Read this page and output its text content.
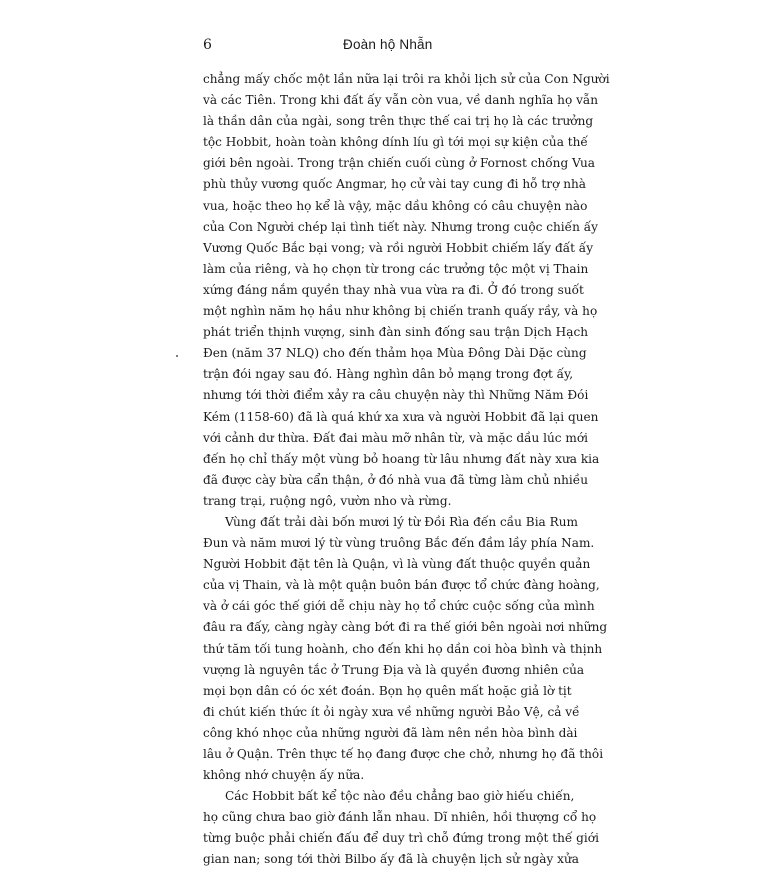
6	Đoàn hộ Nhẫn
chẳng mấy chốc một lần nữa lại trôi ra khỏi lịch sử của Con Người
và các Tiên. Trong khi đất ấy vẫn còn vua, về danh nghĩa họ vẫn
là thần dân của ngài, song trên thực thế cai trị họ là các trưởng
tộc Hobbit, hoàn toàn không dính líu gì tới mọi sự kiện của thế
giới bên ngoài. Trong trận chiến cuối cùng ở Fornost chống Vua
phù thủy vương quốc Angmar, họ cử vài tay cung đi hỗ trợ nhà
vua, hoặc theo họ kể là vậy, mặc dầu không có câu chuyện nào
của Con Người chép lại tình tiết này. Nhưng trong cuộc chiến ấy
Vương Quốc Bắc bại vong; và rồi người Hobbit chiếm lấy đất ấy
làm của riêng, và họ chọn từ trong các trưởng tộc một vị Thain
xứng đáng nắm quyền thay nhà vua vừa ra đi. Ở đó trong suốt
một nghìn năm họ hầu như không bị chiến tranh quấy rầy, và họ
phát triển thịnh vượng, sinh đàn sinh đống sau trận Dịch Hạch
Đen (năm 37 NLQ) cho đến thảm họa Mùa Đông Dài Dặc cùng
trận đói ngay sau đó. Hàng nghìn dân bỏ mạng trong đợt ấy,
nhưng tới thời điểm xảy ra câu chuyện này thì Những Năm Đói
Kém (1158-60) đã là quá khứ xa xưa và người Hobbit đã lại quen
với cảnh dư thừa. Đất đai màu mỡ nhân từ, và mặc dầu lúc mới
đến họ chỉ thấy một vùng bỏ hoang từ lâu nhưng đất này xưa kia
đã được cày bừa cẩn thận, ở đó nhà vua đã từng làm chủ nhiều
trang trại, ruộng ngô, vườn nho và rừng.
Vùng đất trải dài bốn mươi lý từ Đồi Rìa đến cầu Bia Rum
Đun và năm mươi lý từ vùng truông Bắc đến đầm lầy phía Nam.
Người Hobbit đặt tên là Quận, vì là vùng đất thuộc quyền quản
của vị Thain, và là một quận buôn bán được tổ chức đàng hoàng,
và ở cái góc thế giới dễ chịu này họ tổ chức cuộc sống của mình
đâu ra đấy, càng ngày càng bớt đi ra thế giới bên ngoài nơi những
thứ tăm tối tung hoành, cho đến khi họ dần coi hòa bình và thịnh
vượng là nguyên tắc ở Trung Địa và là quyền đương nhiên của
mọi bọn dân có óc xét đoán. Bọn họ quên mất hoặc giả lờ tịt
đi chút kiến thức ít ỏi ngày xưa về những người Bảo Vệ, cả về
công khó nhọc của những người đã làm nên nền hòa bình dài
lâu ở Quận. Trên thực tế họ đang được che chở, nhưng họ đã thôi
không nhớ chuyện ấy nữa.
Các Hobbit bất kể tộc nào đều chẳng bao giờ hiếu chiến,
họ cũng chưa bao giờ đánh lẫn nhau. Dĩ nhiên, hồi thượng cổ họ
từng buộc phải chiến đấu để duy trì chỗ đứng trong một thế giới
gian nan; song tới thời Bilbo ấy đã là chuyện lịch sử ngày xửa
